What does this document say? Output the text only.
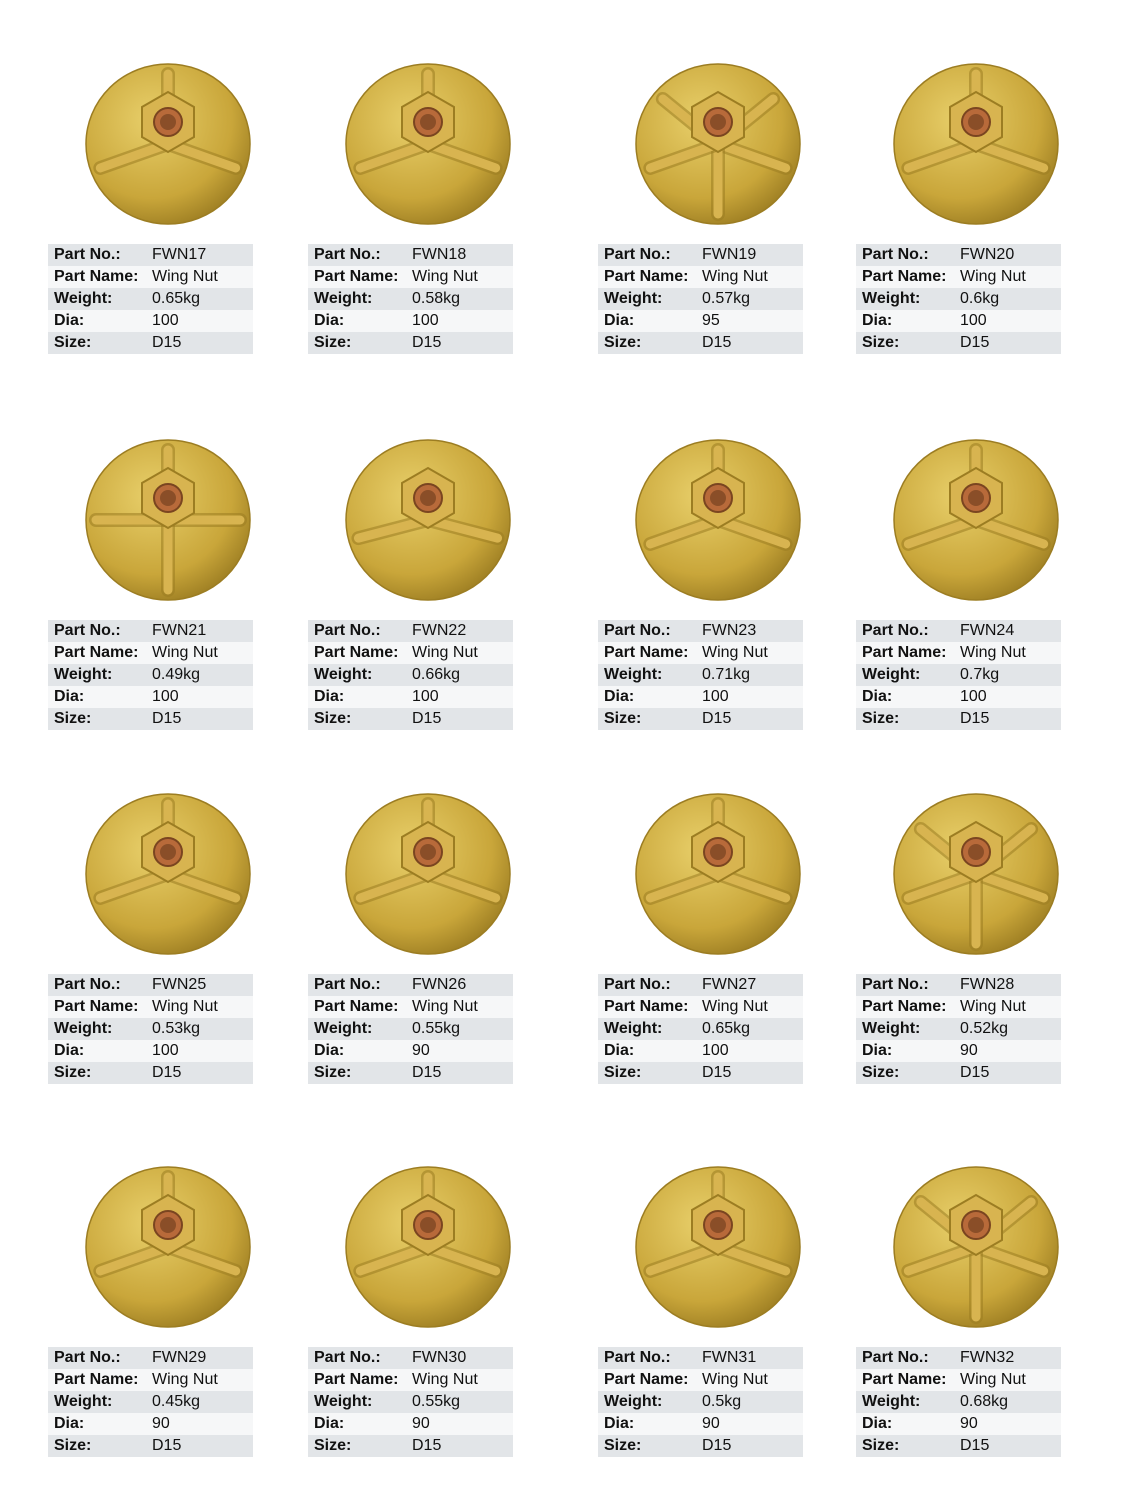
Part No.:	FWN17
Part Name: Wing Nut
Weight:	0.65kg
Dia:	100
Size:	D15
Part No.:	FWN18
Part Name: Wing Nut
Weight:	0.58kg
Dia:	100
Size:	D15
Part No.:	FWN19
Part Name: Wing Nut
Weight:	0.57kg
Dia:	95
Size:	D15
Part No.:	FWN20
Part Name: Wing Nut
Weight:	0.6kg
Dia:	100
Size:	D15
Part No.:	FWN21
Part Name: Wing Nut
Weight:	0.49kg
Dia:	100
Size:	D15
Part No.:	FWN22
Part Name: Wing Nut
Weight:	0.66kg
Dia:	100
Size:	D15
Part No.:	FWN23
Part Name: Wing Nut
Weight:	0.71kg
Dia:	100
Size:	D15
Part No.:	FWN24
Part Name: Wing Nut
Weight:	0.7kg
Dia:	100
Size:	D15
Part No.:	FWN25
Part Name: Wing Nut
Weight:	0.53kg
Dia:	100
Size:	D15
Part No.:	FWN26
Part Name: Wing Nut
Weight:	0.55kg
Dia:	90
Size:	D15
Part No.:	FWN27
Part Name: Wing Nut
Weight:	0.65kg
Dia:	100
Size:	D15
Part No.:	FWN28
Part Name: Wing Nut
Weight:	0.52kg
Dia:	90
Size:	D15
Part No.:	FWN29
Part Name: Wing Nut
Weight:	0.45kg
Dia:	90
Size:	D15
Part No.:	FWN30
Part Name: Wing Nut
Weight:	0.55kg
Dia:	90
Size:	D15
Part No.:	FWN31
Part Name: Wing Nut
Weight:	0.5kg
Dia:	90
Size:	D15
Part No.:	FWN32
Part Name: Wing Nut
Weight:	0.68kg
Dia:	90
Size:	D15
